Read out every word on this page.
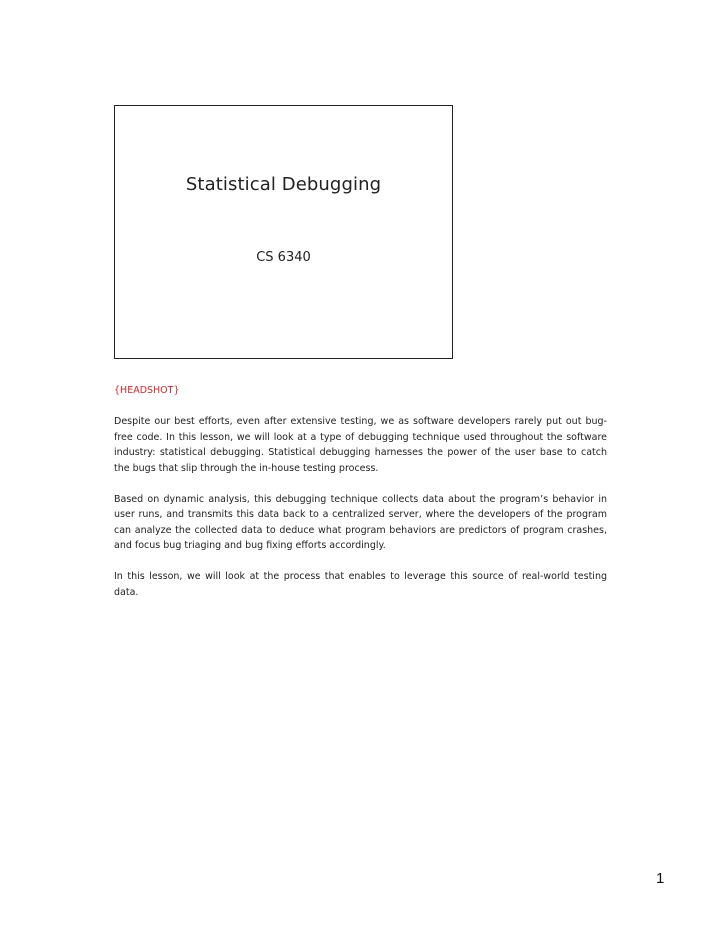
Statistical Debugging
CS 6340

{HEADSHOT}

Despite our best efforts, even after extensive testing, we as software developers rarely put out bug-free code. In this lesson, we will look at a type of debugging technique used throughout the software industry: statistical debugging. Statistical debugging harnesses the power of the user base to catch the bugs that slip through the in-house testing process.

Based on dynamic analysis, this debugging technique collects data about the program’s behavior in user runs, and transmits this data back to a centralized server, where the developers of the program can analyze the collected data to deduce what program behaviors are predictors of program crashes, and focus bug triaging and bug fixing efforts accordingly.

In this lesson, we will look at the process that enables to leverage this source of real-world testing data.

1
